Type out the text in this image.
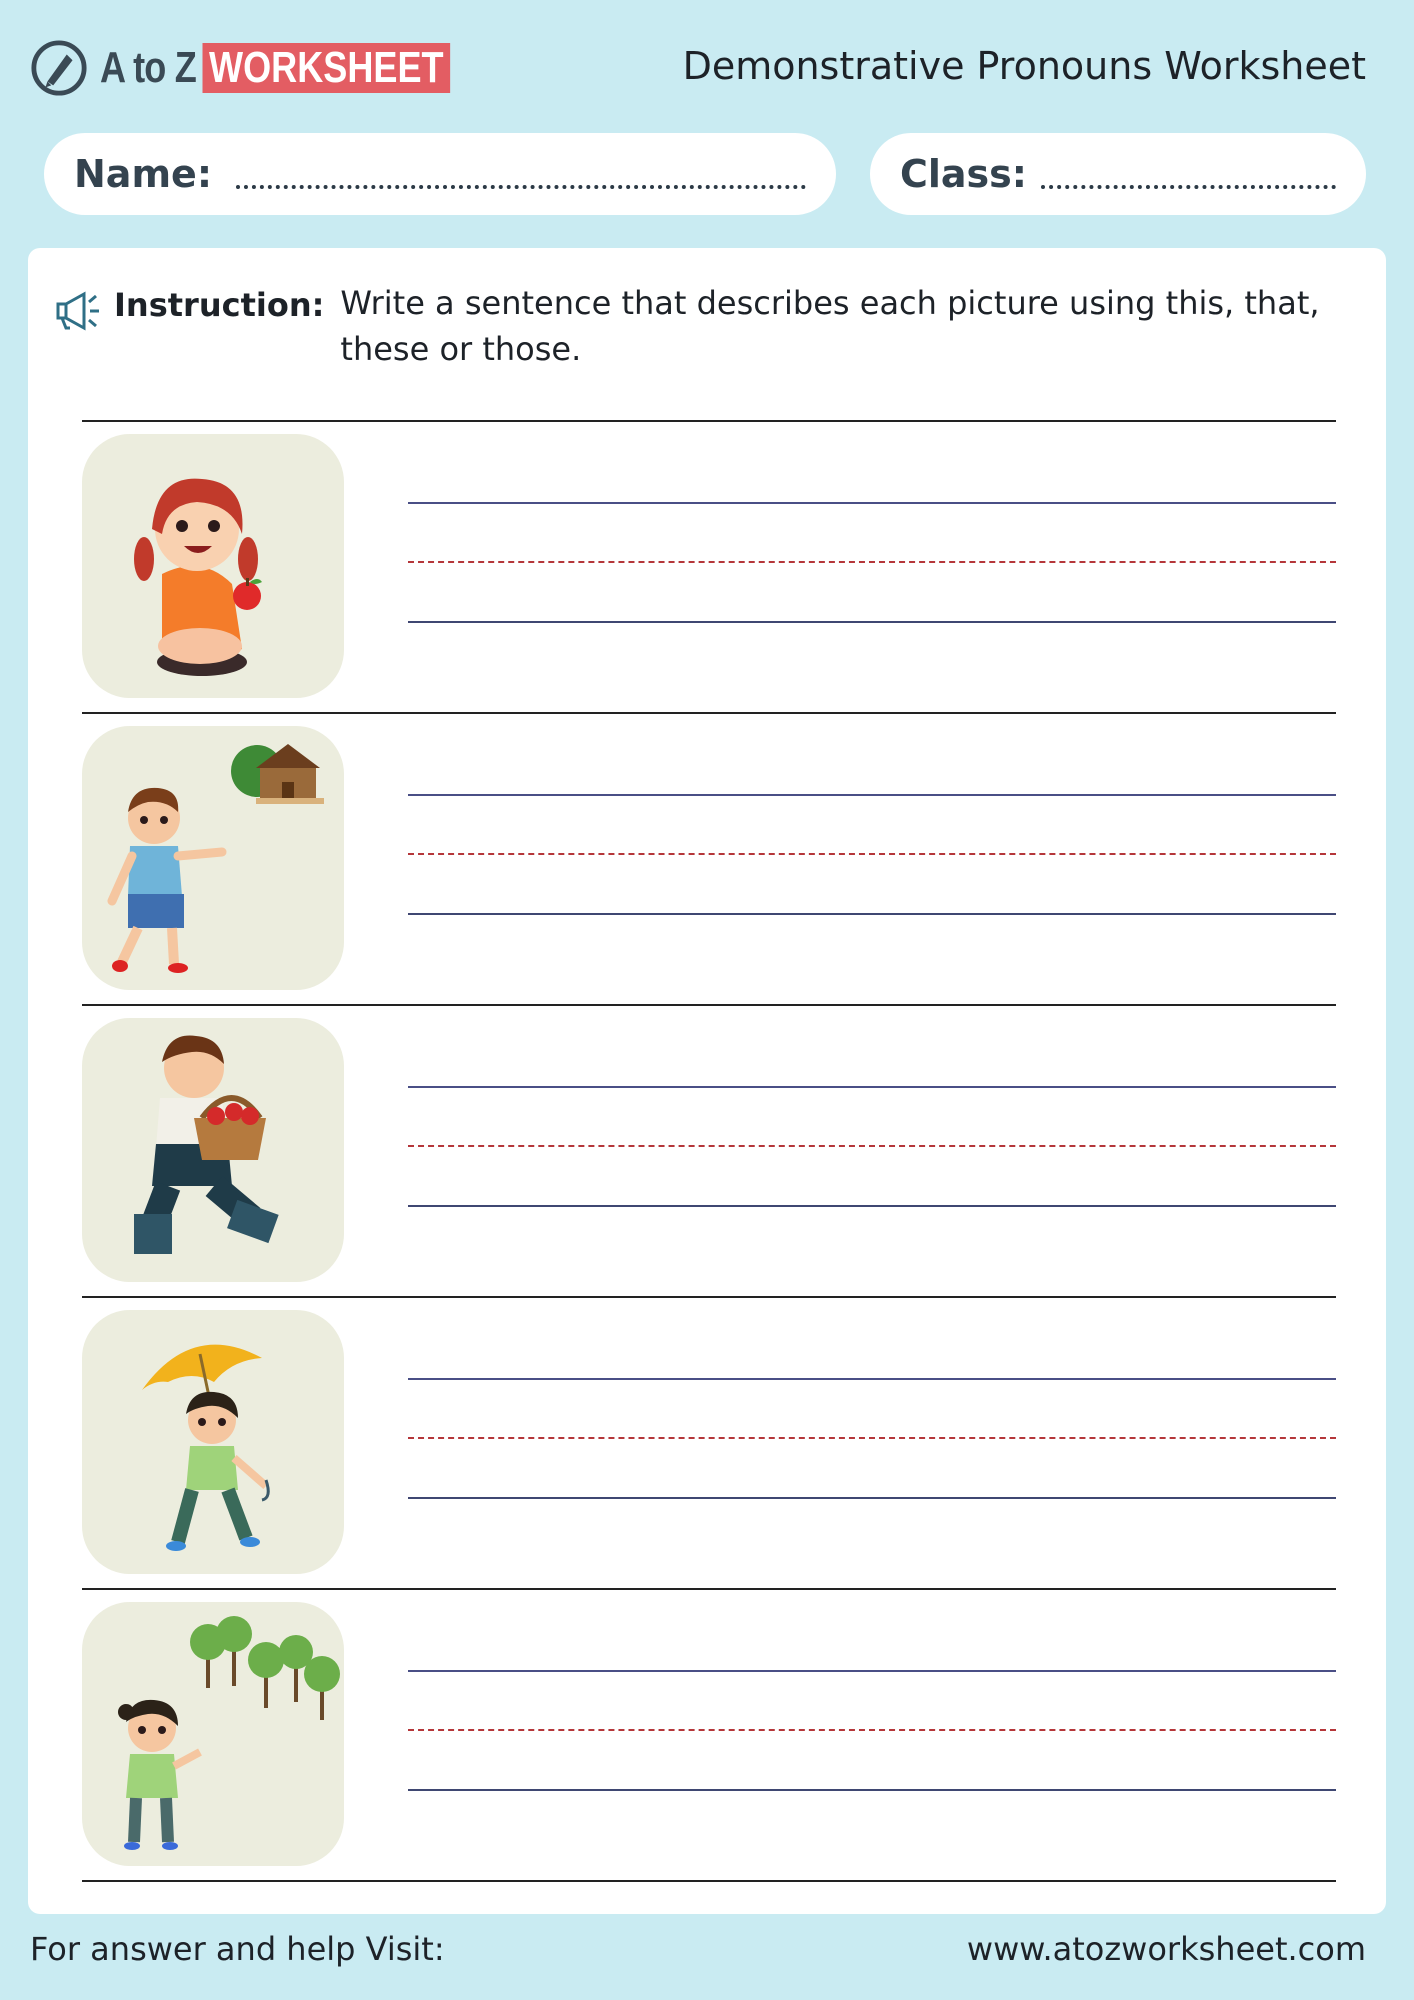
A to Z WORKSHEET	Demonstrative Pronouns Worksheet
Name:	Class:
Instruction: Write a sentence that describes each picture using this, that, these or those.
For answer and help Visit:	www.atozworksheet.com
